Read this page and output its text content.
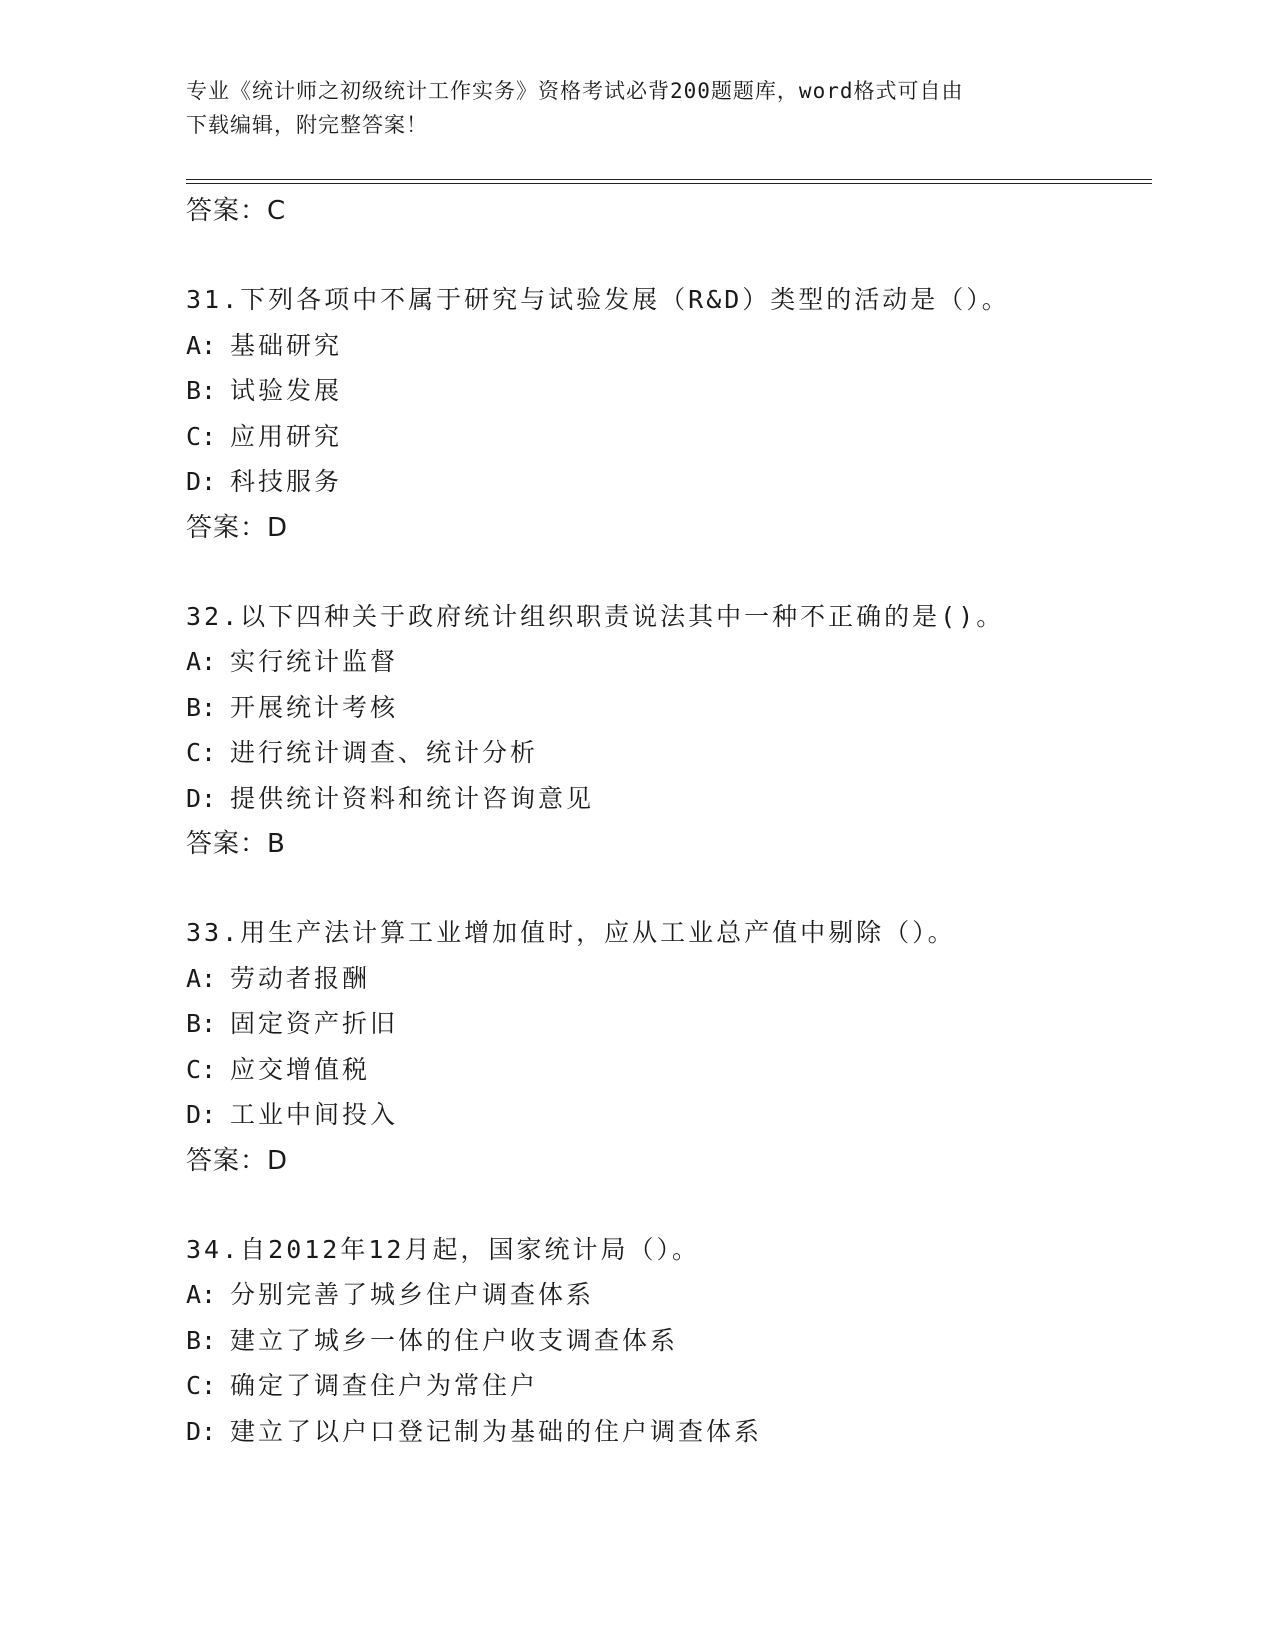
专业《统计师之初级统计工作实务》资格考试必背200题题库，word格式可自由
下载编辑，附完整答案！
答案：C
31.下列各项中不属于研究与试验发展（R&D）类型的活动是（）。
A: 基础研究
B: 试验发展
C: 应用研究
D: 科技服务
答案：D
32.以下四种关于政府统计组织职责说法其中一种不正确的是()。
A: 实行统计监督
B: 开展统计考核
C: 进行统计调查、统计分析
D: 提供统计资料和统计咨询意见
答案：B
33.用生产法计算工业增加值时，应从工业总产值中剔除（）。
A: 劳动者报酬
B: 固定资产折旧
C: 应交增值税
D: 工业中间投入
答案：D
34.自2012年12月起，国家统计局（）。
A: 分别完善了城乡住户调查体系
B: 建立了城乡一体的住户收支调查体系
C: 确定了调查住户为常住户
D: 建立了以户口登记制为基础的住户调查体系
